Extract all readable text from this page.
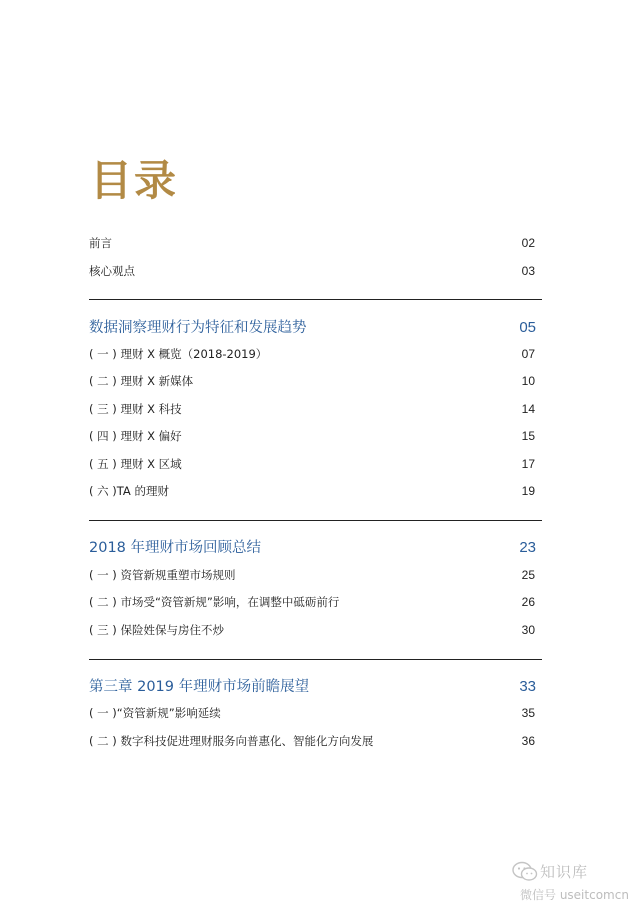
目录
前言	02
核心观点	03
数据洞察理财行为特征和发展趋势	05
( 一 ) 理财 X 概览（2018-2019）	07
( 二 ) 理财 X 新媒体	10
( 三 ) 理财 X 科技	14
( 四 ) 理财 X 偏好	15
( 五 ) 理财 X 区域	17
( 六 )TA 的理财	19
2018 年理财市场回顾总结	23
( 一 ) 资管新规重塑市场规则	25
( 二 ) 市场受“资管新规”影响，在调整中砥砺前行	26
( 三 ) 保险姓保与房住不炒	30
第三章 2019 年理财市场前瞻展望	33
( 一 )“资管新规”影响延续	35
( 二 ) 数字科技促进理财服务向普惠化、智能化方向发展	36
知识库
微信号 useitcomcn
